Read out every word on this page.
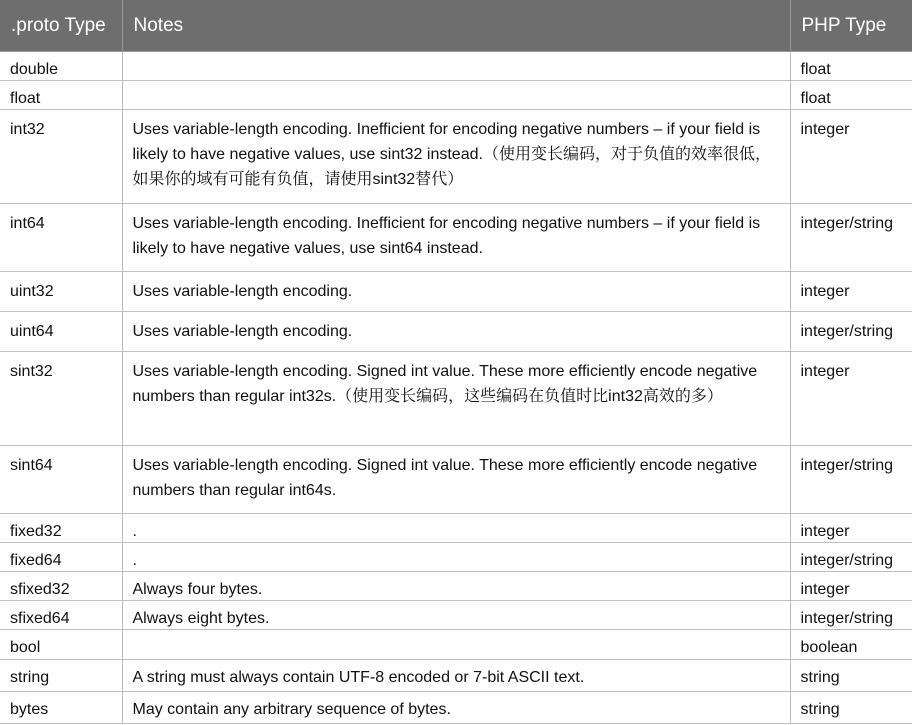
.proto Type	Notes	PHP Type

double		float

float		float

int32	Uses variable-length encoding. Inefficient for encoding negative numbers – if your field is likely to have negative values, use sint32 instead.（使用变长编码，对于负值的效率很低，如果你的域有可能有负值，请使用sint32替代）	integer

int64	Uses variable-length encoding. Inefficient for encoding negative numbers – if your field is likely to have negative values, use sint64 instead.	integer/string

uint32	Uses variable-length encoding.	integer

uint64	Uses variable-length encoding.	integer/string

sint32	Uses variable-length encoding. Signed int value. These more efficiently encode negative numbers than regular int32s.（使用变长编码，这些编码在负值时比int32高效的多）	integer

sint64	Uses variable-length encoding. Signed int value. These more efficiently encode negative numbers than regular int64s.	integer/string

fixed32	.	integer

fixed64	.	integer/string

sfixed32	Always four bytes.	integer

sfixed64	Always eight bytes.	integer/string

bool		boolean

string	A string must always contain UTF-8 encoded or 7-bit ASCII text.	string

bytes	May contain any arbitrary sequence of bytes.	string
